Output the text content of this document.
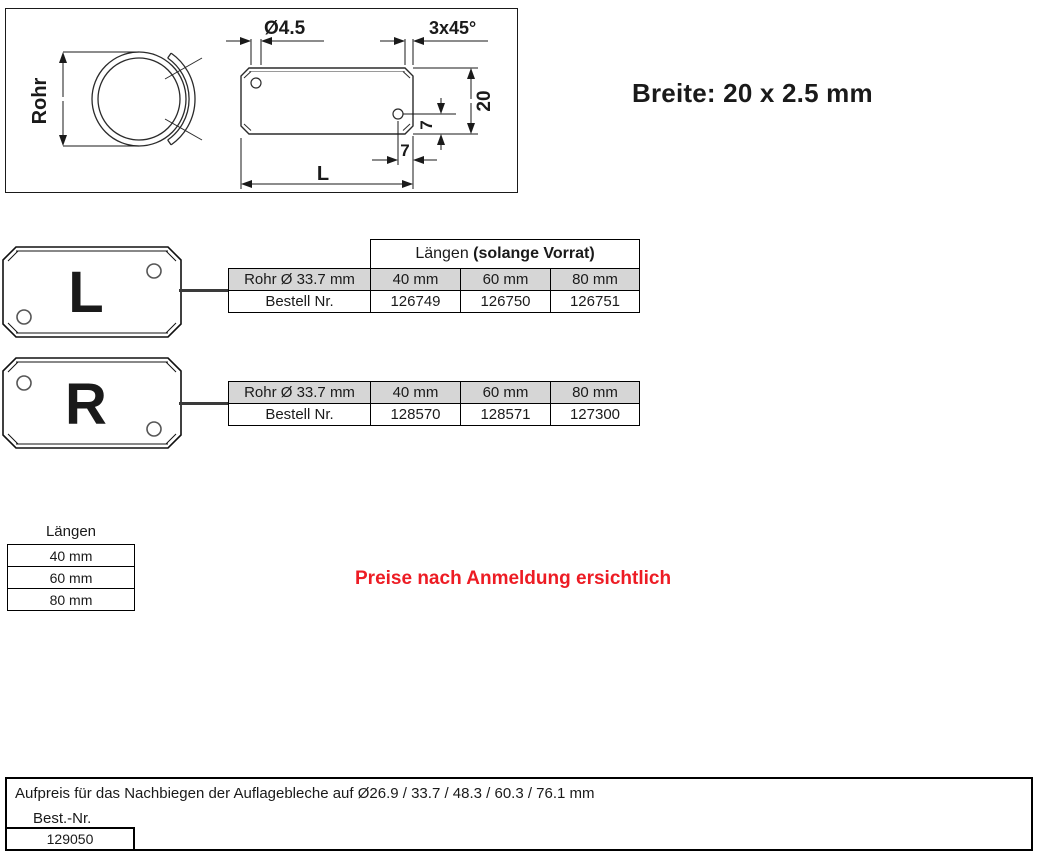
Rohr
Ø4.5	3x45°
20
7
7
L
Breite: 20 x 2.5 mm
L
R
	Längen (solange Vorrat)		
Rohr Ø 33.7 mm	40 mm	60 mm	80 mm
Bestell Nr.	126749	126750	126751
Rohr Ø 33.7 mm	40 mm	60 mm	80 mm
Bestell Nr.	128570	128571	127300
Längen
40 mm
60 mm
80 mm
Preise nach Anmeldung ersichtlich
Aufpreis für das Nachbiegen der Auflagebleche auf Ø26.9 / 33.7 / 48.3 / 60.3 / 76.1 mm
Best.-Nr.
129050
